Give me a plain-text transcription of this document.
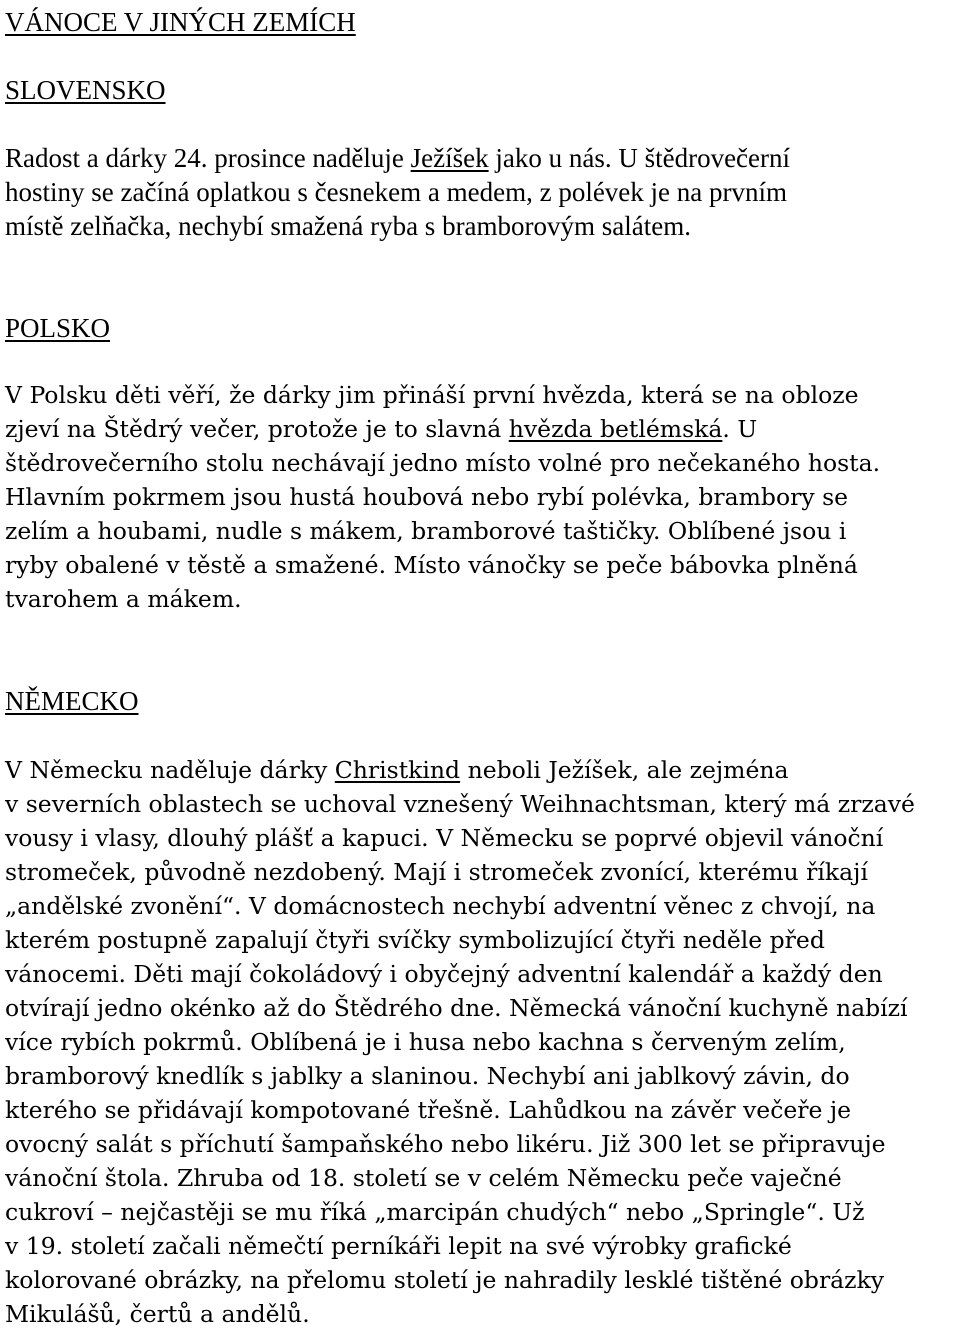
VÁNOCE V JINÝCH ZEMÍCH
SLOVENSKO

Radost a dárky 24. prosince naděluje Ježíšek jako u nás. U štědrovečerní
hostiny se začíná oplatkou s česnekem a medem, z polévek je na prvním
místě zelňačka, nechybí smažená ryba s bramborovým salátem.

POLSKO

V Polsku děti věří, že dárky jim přináší první hvězda, která se na obloze
zjeví na Štědrý večer, protože je to slavná hvězda betlémská. U
štědrovečerního stolu nechávají jedno místo volné pro nečekaného hosta.
Hlavním pokrmem jsou hustá houbová nebo rybí polévka, brambory se
zelím a houbami, nudle s mákem, bramborové taštičky. Oblíbené jsou i
ryby obalené v těstě a smažené. Místo vánočky se peče bábovka plněná
tvarohem a mákem.

NĚMECKO

V Německu naděluje dárky Christkind neboli Ježíšek, ale zejména
v severních oblastech se uchoval vznešený Weihnachtsman, který má zrzavé
vousy i vlasy, dlouhý plášť a kapuci. V Německu se poprvé objevil vánoční
stromeček, původně nezdobený. Mají i stromeček zvonící, kterému říkají
„andělské zvonění“. V domácnostech nechybí adventní věnec z chvojí, na
kterém postupně zapalují čtyři svíčky symbolizující čtyři neděle před
vánocemi. Děti mají čokoládový i obyčejný adventní kalendář a každý den
otvírají jedno okénko až do Štědrého dne. Německá vánoční kuchyně nabízí
více rybích pokrmů. Oblíbená je i husa nebo kachna s červeným zelím,
bramborový knedlík s jablky a slaninou. Nechybí ani jablkový závin, do
kterého se přidávají kompotované třešně. Lahůdkou na závěr večeře je
ovocný salát s příchutí šampaňského nebo likéru. Již 300 let se připravuje
vánoční štola. Zhruba od 18. století se v celém Německu peče vaječné
cukroví – nejčastěji se mu říká „marcipán chudých“ nebo „Springle“. Už
v 19. století začali němečtí perníkáři lepit na své výrobky grafické
kolorované obrázky, na přelomu století je nahradily lesklé tištěné obrázky
Mikulášů, čertů a andělů.
